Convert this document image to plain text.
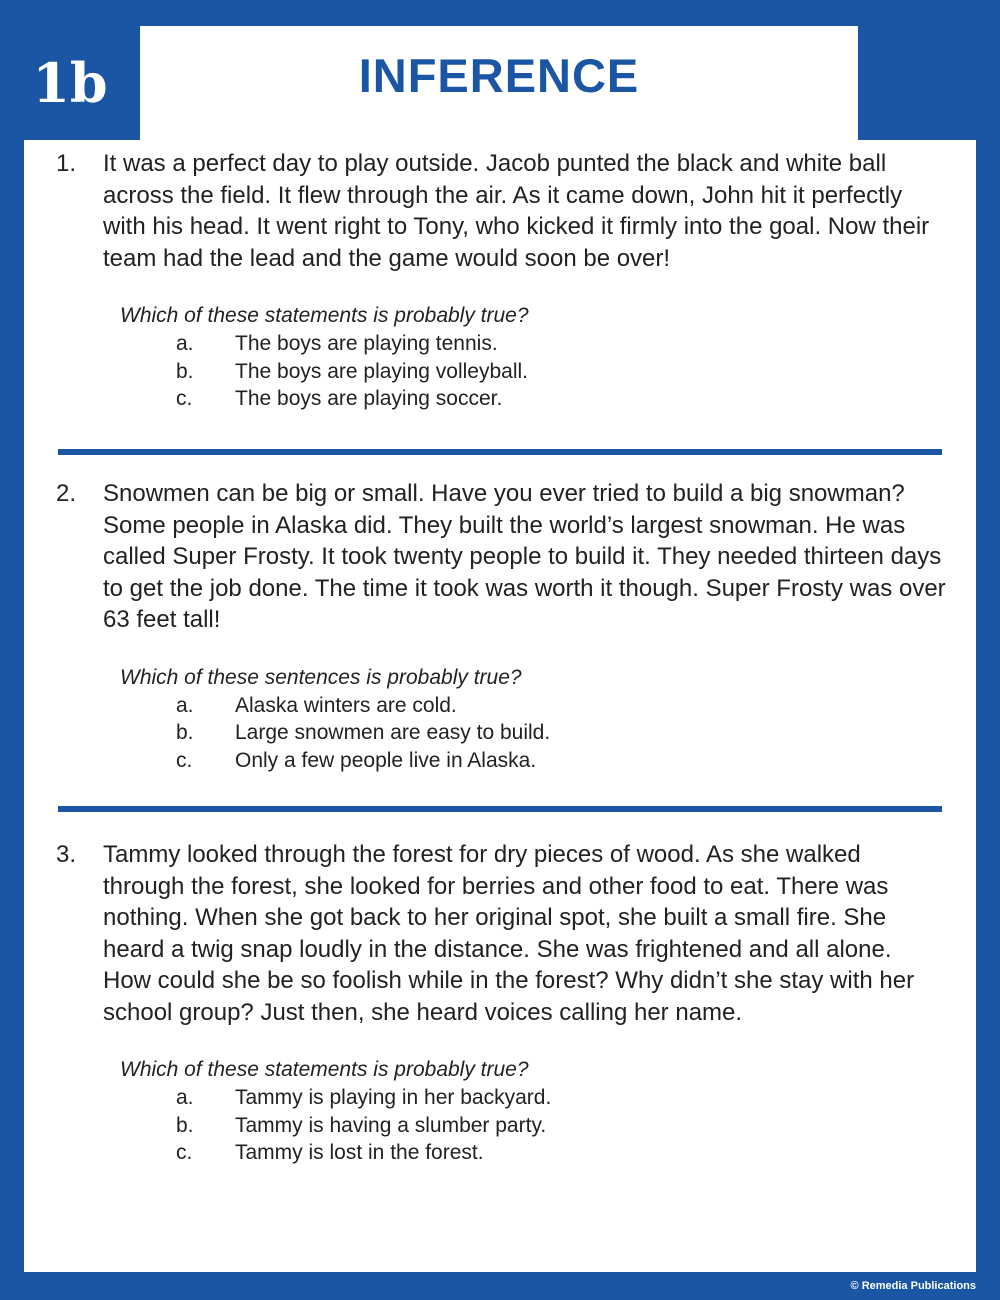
1b	INFERENCE
1.	It was a perfect day to play outside. Jacob punted the black and white ball across the field. It flew through the air. As it came down, John hit it perfectly with his head. It went right to Tony, who kicked it firmly into the goal. Now their team had the lead and the game would soon be over!
Which of these statements is probably true?
a.	The boys are playing tennis.
b.	The boys are playing volleyball.
c.	The boys are playing soccer.
2.	Snowmen can be big or small. Have you ever tried to build a big snowman? Some people in Alaska did. They built the world’s largest snowman. He was called Super Frosty. It took twenty people to build it. They needed thirteen days to get the job done. The time it took was worth it though. Super Frosty was over 63 feet tall!
Which of these sentences is probably true?
a.	Alaska winters are cold.
b.	Large snowmen are easy to build.
c.	Only a few people live in Alaska.
3.	Tammy looked through the forest for dry pieces of wood. As she walked through the forest, she looked for berries and other food to eat. There was nothing. When she got back to her original spot, she built a small fire. She heard a twig snap loudly in the distance. She was frightened and all alone. How could she be so foolish while in the forest? Why didn’t she stay with her school group? Just then, she heard voices calling her name.
Which of these statements is probably true?
a.	Tammy is playing in her backyard.
b.	Tammy is having a slumber party.
c.	Tammy is lost in the forest.
© Remedia Publications
